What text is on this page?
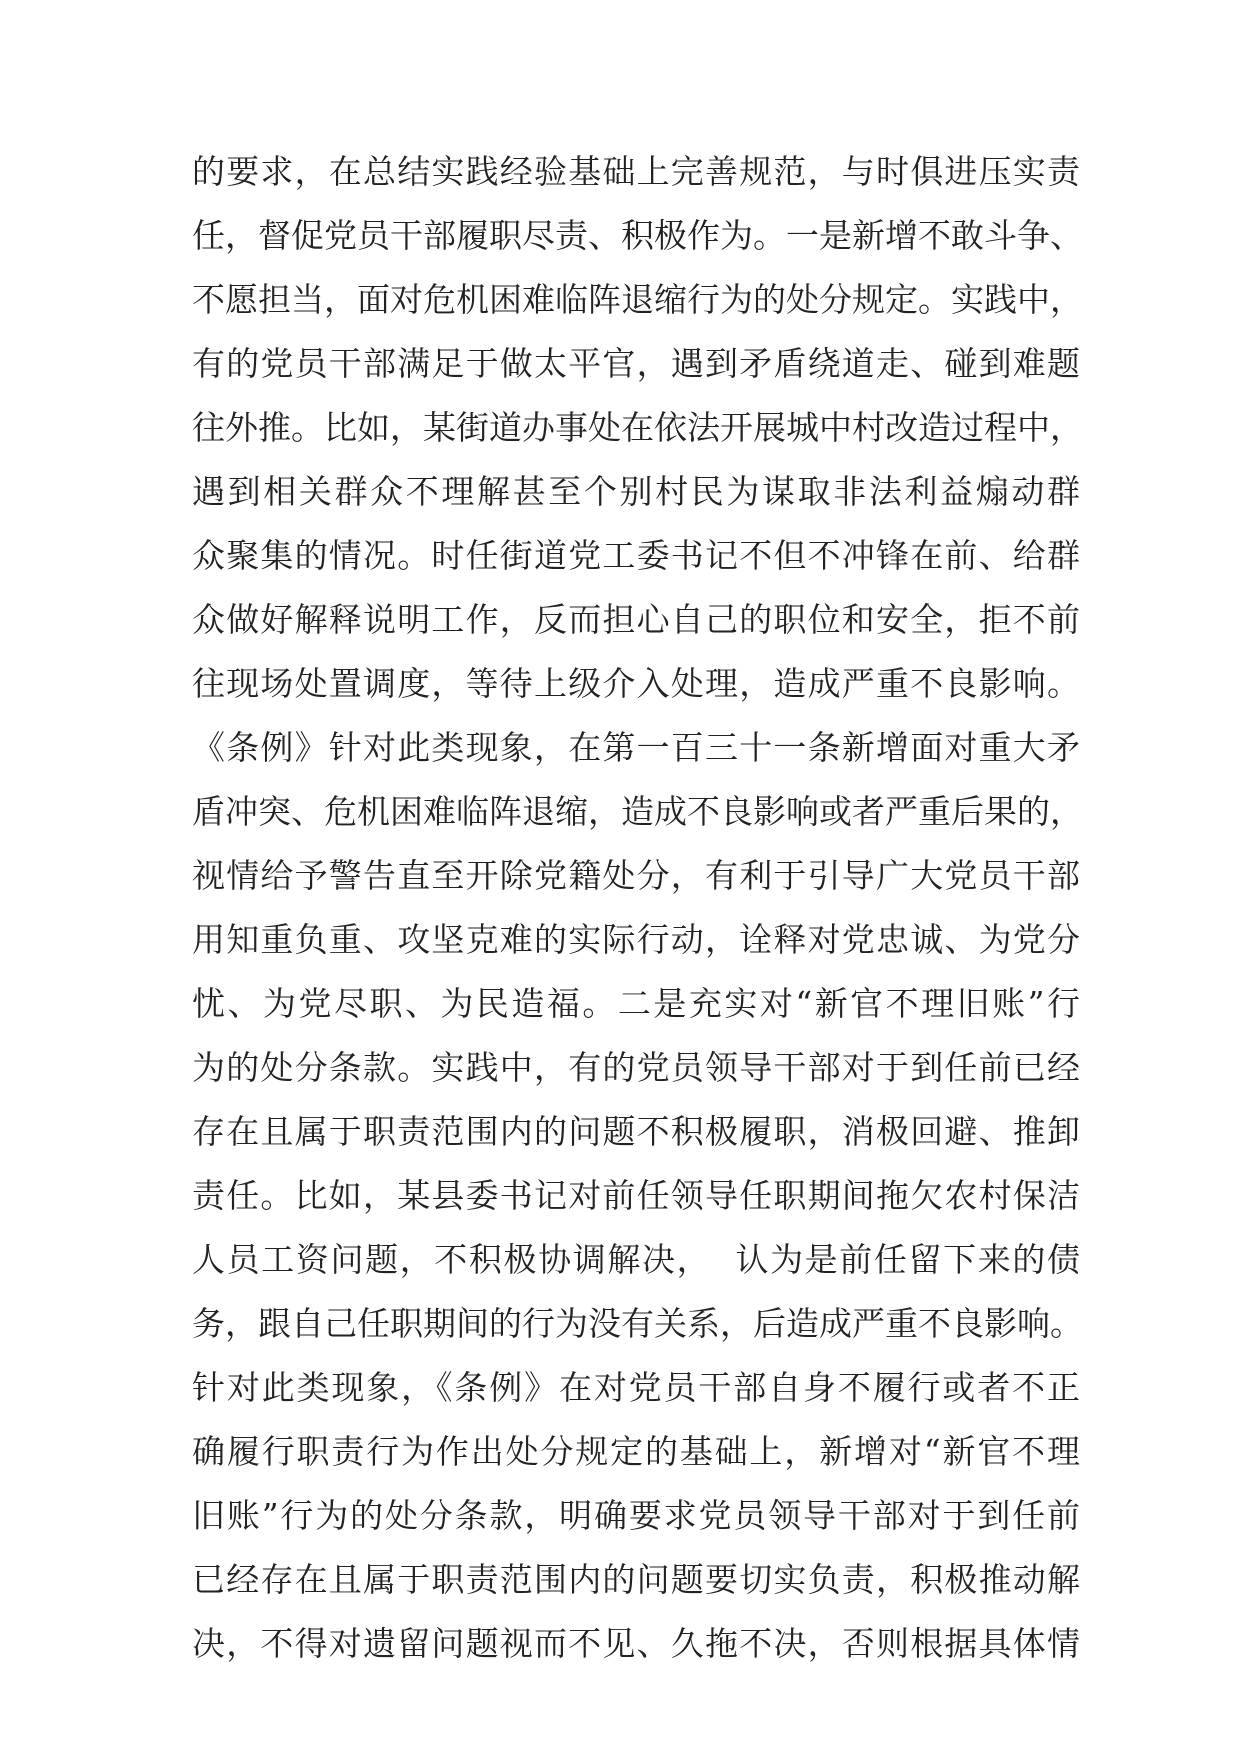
的要求，在总结实践经验基础上完善规范，与时俱进压实责
任，督促党员干部履职尽责、积极作为。一是新增不敢斗争、
不愿担当，面对危机困难临阵退缩行为的处分规定。实践中，
有的党员干部满足于做太平官，遇到矛盾绕道走、碰到难题
往外推。比如，某街道办事处在依法开展城中村改造过程中，
遇到相关群众不理解甚至个别村民为谋取非法利益煽动群
众聚集的情况。时任街道党工委书记不但不冲锋在前、给群
众做好解释说明工作，反而担心自己的职位和安全，拒不前
往现场处置调度，等待上级介入处理，造成严重不良影响。
《条例》针对此类现象，在第一百三十一条新增面对重大矛
盾冲突、危机困难临阵退缩，造成不良影响或者严重后果的，
视情给予警告直至开除党籍处分，有利于引导广大党员干部
用知重负重、攻坚克难的实际行动，诠释对党忠诚、为党分
忧、为党尽职、为民造福。二是充实对“新官不理旧账”行
为的处分条款。实践中，有的党员领导干部对于到任前已经
存在且属于职责范围内的问题不积极履职，消极回避、推卸
责任。比如，某县委书记对前任领导任职期间拖欠农村保洁
人员工资问题，不积极协调解决，  认为是前任留下来的债
务，跟自己任职期间的行为没有关系，后造成严重不良影响。
针对此类现象，《条例》在对党员干部自身不履行或者不正
确履行职责行为作出处分规定的基础上，新增对“新官不理
旧账”行为的处分条款，明确要求党员领导干部对于到任前
已经存在且属于职责范围内的问题要切实负责，积极推动解
决，不得对遗留问题视而不见、久拖不决，否则根据具体情
